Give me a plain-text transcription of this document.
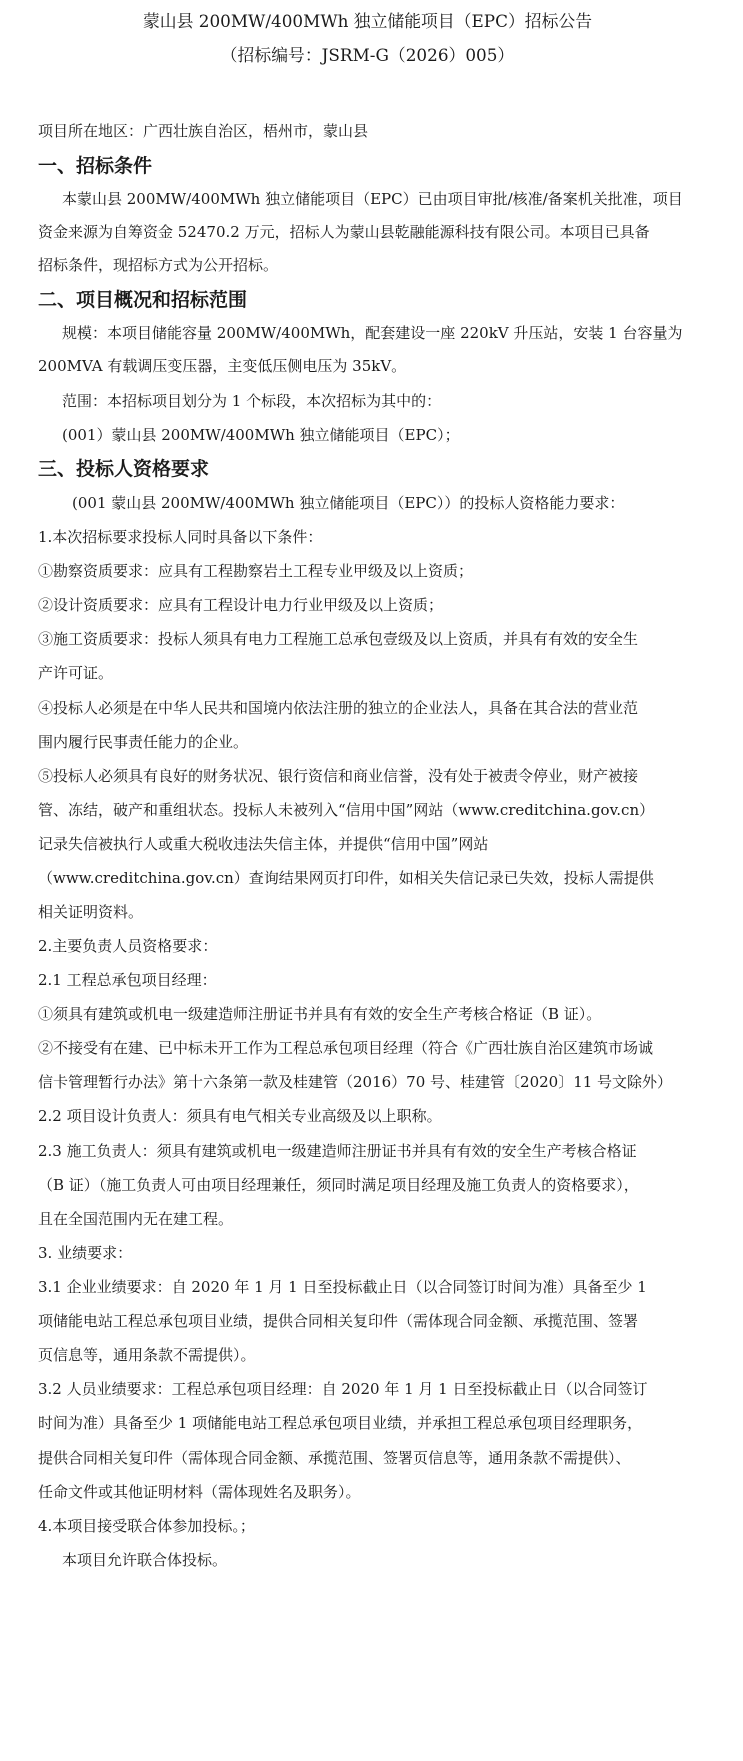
蒙山县 200MW/400MWh 独立储能项目（EPC）招标公告
（招标编号：JSRM-G（2026）005）
项目所在地区：广西壮族自治区，梧州市，蒙山县
一、招标条件
本蒙山县 200MW/400MWh 独立储能项目（EPC）已由项目审批/核准/备案机关批准，项目
资金来源为自筹资金 52470.2 万元，招标人为蒙山县乾融能源科技有限公司。本项目已具备
招标条件，现招标方式为公开招标。
二、项目概况和招标范围
规模：本项目储能容量 200MW/400MWh，配套建设一座 220kV 升压站，安装 1 台容量为
200MVA 有载调压变压器，主变低压侧电压为 35kV。
范围：本招标项目划分为 1 个标段，本次招标为其中的：
(001）蒙山县 200MW/400MWh 独立储能项目（EPC）；
三、投标人资格要求
(001 蒙山县 200MW/400MWh 独立储能项目（EPC））的投标人资格能力要求：
1.本次招标要求投标人同时具备以下条件：
①勘察资质要求：应具有工程勘察岩土工程专业甲级及以上资质；
②设计资质要求：应具有工程设计电力行业甲级及以上资质；
③施工资质要求：投标人须具有电力工程施工总承包壹级及以上资质，并具有有效的安全生
产许可证。
④投标人必须是在中华人民共和国境内依法注册的独立的企业法人，具备在其合法的营业范
围内履行民事责任能力的企业。
⑤投标人必须具有良好的财务状况、银行资信和商业信誉，没有处于被责令停业，财产被接
管、冻结，破产和重组状态。投标人未被列入“信用中国”网站（www.creditchina.gov.cn）
记录失信被执行人或重大税收违法失信主体，并提供“信用中国”网站
（www.creditchina.gov.cn）查询结果网页打印件，如相关失信记录已失效，投标人需提供
相关证明资料。
2.主要负责人员资格要求：
2.1 工程总承包项目经理：
①须具有建筑或机电一级建造师注册证书并具有有效的安全生产考核合格证（B 证）。
②不接受有在建、已中标未开工作为工程总承包项目经理（符合《广西壮族自治区建筑市场诚
信卡管理暂行办法》第十六条第一款及桂建管（2016）70 号、桂建管〔2020〕11 号文除外）
2.2 项目设计负责人：须具有电气相关专业高级及以上职称。
2.3 施工负责人：须具有建筑或机电一级建造师注册证书并具有有效的安全生产考核合格证
（B 证）（施工负责人可由项目经理兼任，须同时满足项目经理及施工负责人的资格要求），
且在全国范围内无在建工程。
3. 业绩要求：
3.1 企业业绩要求：自 2020 年 1 月 1 日至投标截止日（以合同签订时间为准）具备至少 1
项储能电站工程总承包项目业绩，提供合同相关复印件（需体现合同金额、承揽范围、签署
页信息等，通用条款不需提供）。
3.2 人员业绩要求：工程总承包项目经理：自 2020 年 1 月 1 日至投标截止日（以合同签订
时间为准）具备至少 1 项储能电站工程总承包项目业绩，并承担工程总承包项目经理职务，
提供合同相关复印件（需体现合同金额、承揽范围、签署页信息等，通用条款不需提供）、
任命文件或其他证明材料（需体现姓名及职务）。
4.本项目接受联合体参加投标。；
本项目允许联合体投标。
